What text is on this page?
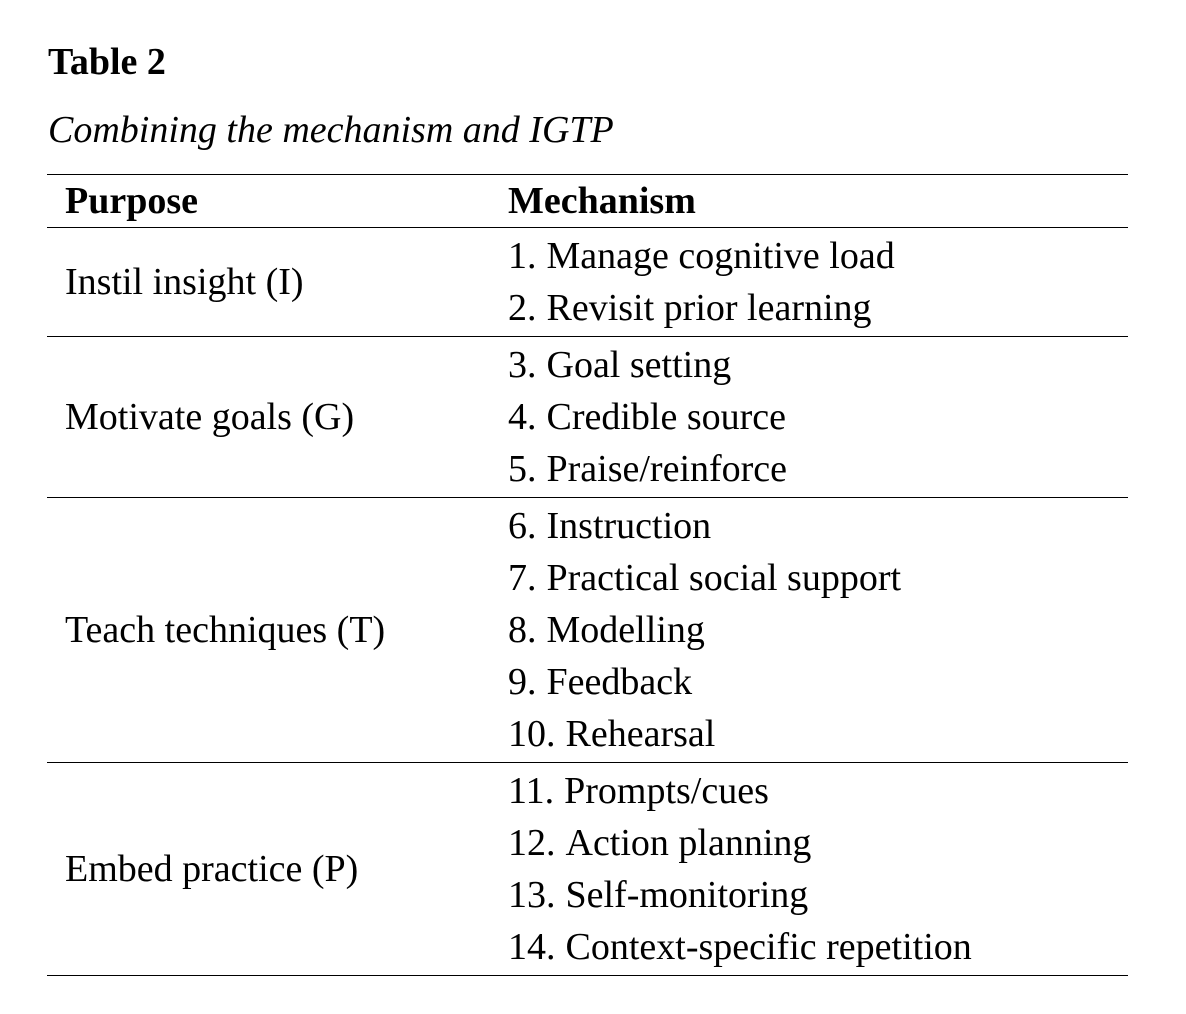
Table 2

Combining the mechanism and IGTP

Purpose	Mechanism
Instil insight (I)
1. Manage cognitive load
2. Revisit prior learning
Motivate goals (G)
3. Goal setting
4. Credible source
5. Praise/reinforce
Teach techniques (T)
6. Instruction
7. Practical social support
8. Modelling
9. Feedback
10. Rehearsal
Embed practice (P)
11. Prompts/cues
12. Action planning
13. Self-monitoring
14. Context-specific repetition
